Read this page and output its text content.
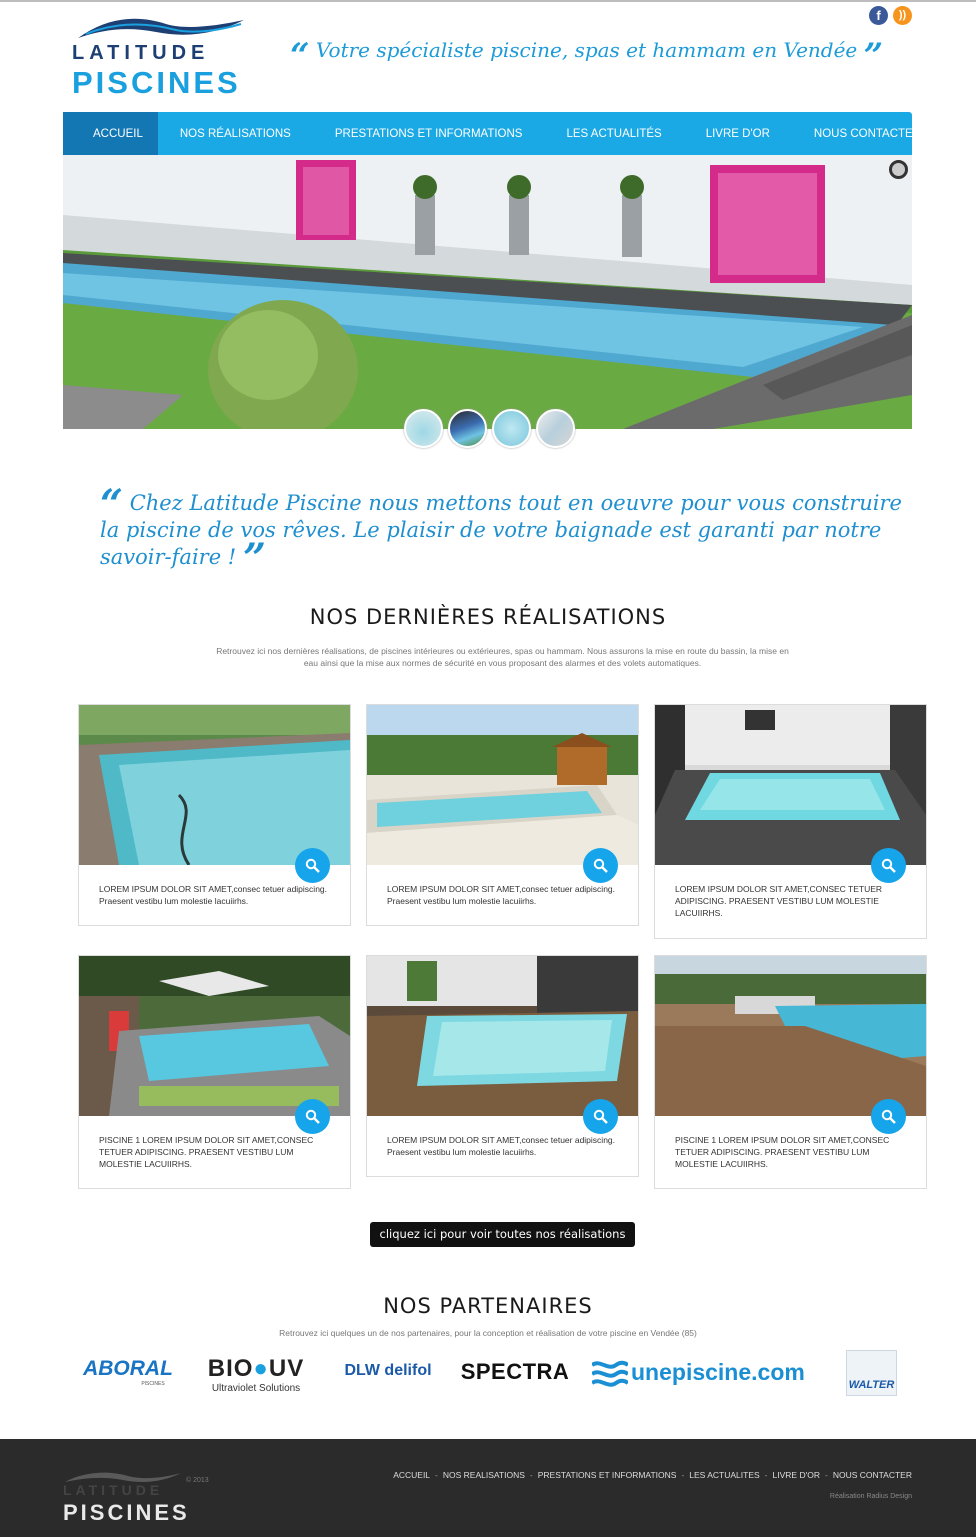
LATITUDE
PISCINES
“ Votre spécialiste piscine, spas et hammam en Vendée ”
f	))
ACCUEIL	NOS RÉALISATIONS	PRESTATIONS ET INFORMATIONS	LES ACTUALITÉS	LIVRE D'OR	NOUS CONTACTER
“ Chez Latitude Piscine nous mettons tout en oeuvre pour vous construire la piscine de vos rêves. Le plaisir de votre baignade est garanti par notre savoir-faire ! ”
NOS DERNIÈRES RÉALISATIONS
Retrouvez ici nos dernières réalisations, de piscines intérieures ou extérieures, spas ou hammam. Nous assurons la mise en route du bassin, la mise en eau ainsi que la mise aux normes de sécurité en vous proposant des alarmes et des volets automatiques.
LOREM IPSUM DOLOR SIT AMET,consec tetuer adipiscing. Praesent vestibu lum molestie lacuiirhs.
LOREM IPSUM DOLOR SIT AMET,consec tetuer adipiscing. Praesent vestibu lum molestie lacuiirhs.
LOREM IPSUM DOLOR SIT AMET,CONSEC TETUER ADIPISCING. PRAESENT VESTIBU LUM MOLESTIE LACUIIRHS.
PISCINE 1 LOREM IPSUM DOLOR SIT AMET,CONSEC TETUER ADIPISCING. PRAESENT VESTIBU LUM MOLESTIE LACUIIRHS.
LOREM IPSUM DOLOR SIT AMET,consec tetuer adipiscing. Praesent vestibu lum molestie lacuiirhs.
PISCINE 1 LOREM IPSUM DOLOR SIT AMET,CONSEC TETUER ADIPISCING. PRAESENT VESTIBU LUM MOLESTIE LACUIIRHS.
cliquez ici pour voir toutes nos réalisations
NOS PARTENAIRES
Retrouvez ici quelques un de nos partenaires, pour la conception et réalisation de votre piscine en Vendée (85)
ABORAL
PISCINES
BIO●UV
Ultraviolet Solutions
DLW delifol SPECTRA	unepiscine.com
WALTER
LATITUDE
PISCINES
© 2013
ACCUEIL - NOS REALISATIONS - PRESTATIONS ET INFORMATIONS - LES ACTUALITES - LIVRE D'OR - NOUS CONTACTER
Réalisation Radius Design
